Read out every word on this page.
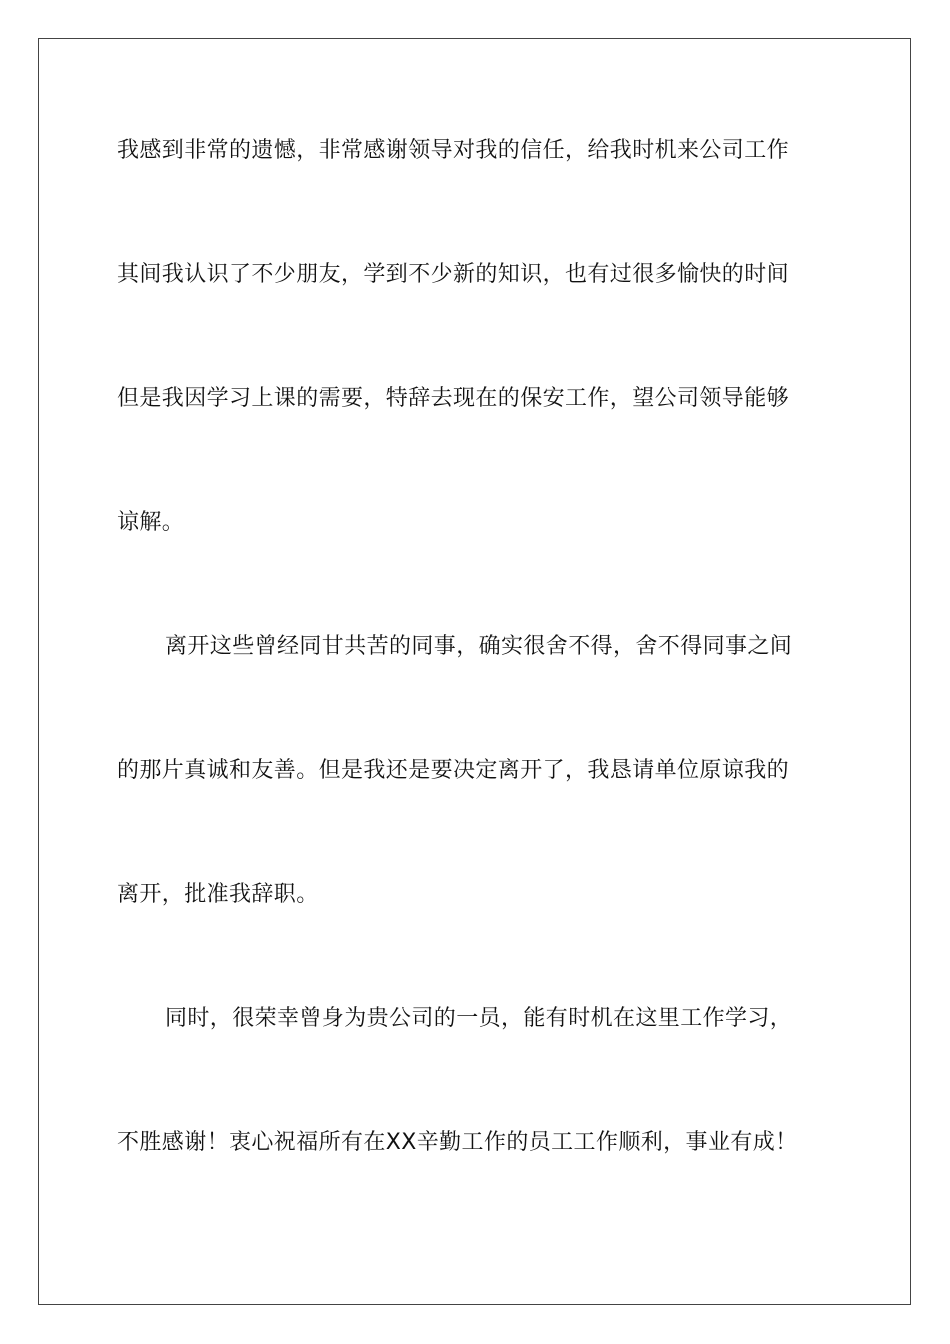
我感到非常的遗憾，非常感谢领导对我的信任，给我时机来公司工作

其间我认识了不少朋友，学到不少新的知识，也有过很多愉快的时间

但是我因学习上课的需要，特辞去现在的保安工作，望公司领导能够

谅解。

离开这些曾经同甘共苦的同事，确实很舍不得，舍不得同事之间

的那片真诚和友善。但是我还是要决定离开了，我恳请单位原谅我的

离开，批准我辞职。

同时，很荣幸曾身为贵公司的一员，能有时机在这里工作学习，

不胜感谢！衷心祝福所有在XX辛勤工作的员工工作顺利，事业有成！
